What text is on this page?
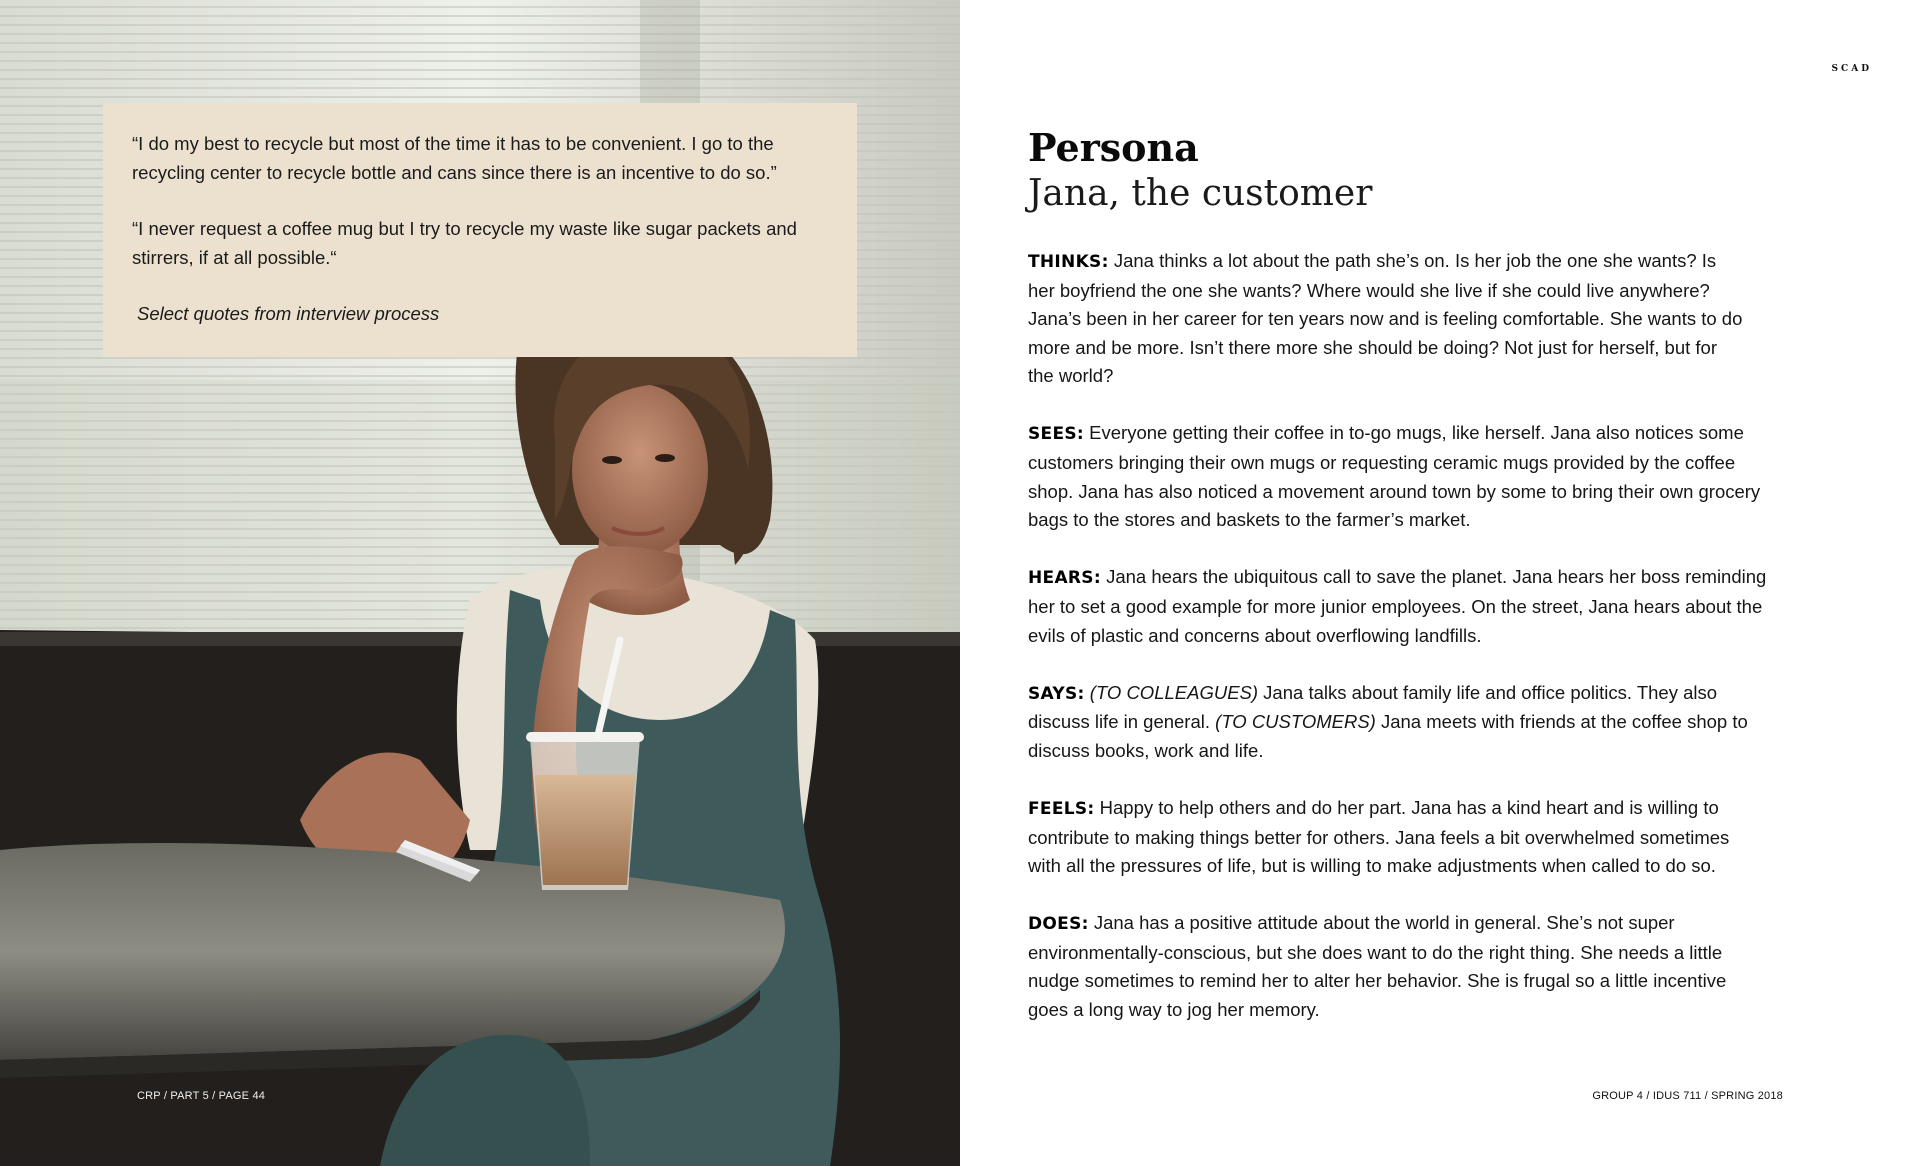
“I do my best to recycle but most of the time it has to be convenient. I go to the recycling center to recycle bottle and cans since there is an incentive to do so.”

“I never request a coffee mug but I try to recycle my waste like sugar packets and stirrers, if at all possible.“

Select quotes from interview process

CRP / PART 5 / PAGE 44
SCAD
Persona
Jana, the customer

THINKS: Jana thinks a lot about the path she’s on. Is her job the one she wants? Is her boyfriend the one she wants? Where would she live if she could live anywhere? Jana’s been in her career for ten years now and is feeling comfortable. She wants to do more and be more. Isn’t there more she should be doing? Not just for herself, but for the world?

SEES: Everyone getting their coffee in to-go mugs, like herself. Jana also notices some customers bringing their own mugs or requesting ceramic mugs provided by the coffee shop. Jana has also noticed a movement around town by some to bring their own grocery bags to the stores and baskets to the farmer’s market.

HEARS: Jana hears the ubiquitous call to save the planet. Jana hears her boss reminding her to set a good example for more junior employees. On the street, Jana hears about the evils of plastic and concerns about overflowing landfills.

SAYS: (TO COLLEAGUES) Jana talks about family life and office politics. They also discuss life in general. (TO CUSTOMERS) Jana meets with friends at the coffee shop to discuss books, work and life.

FEELS: Happy to help others and do her part. Jana has a kind heart and is willing to contribute to making things better for others. Jana feels a bit overwhelmed sometimes with all the pressures of life, but is willing to make adjustments when called to do so.

DOES: Jana has a positive attitude about the world in general. She’s not super environmentally-conscious, but she does want to do the right thing. She needs a little nudge sometimes to remind her to alter her behavior. She is frugal so a little incentive goes a long way to jog her memory.

GROUP 4 / IDUS 711 / SPRING 2018
